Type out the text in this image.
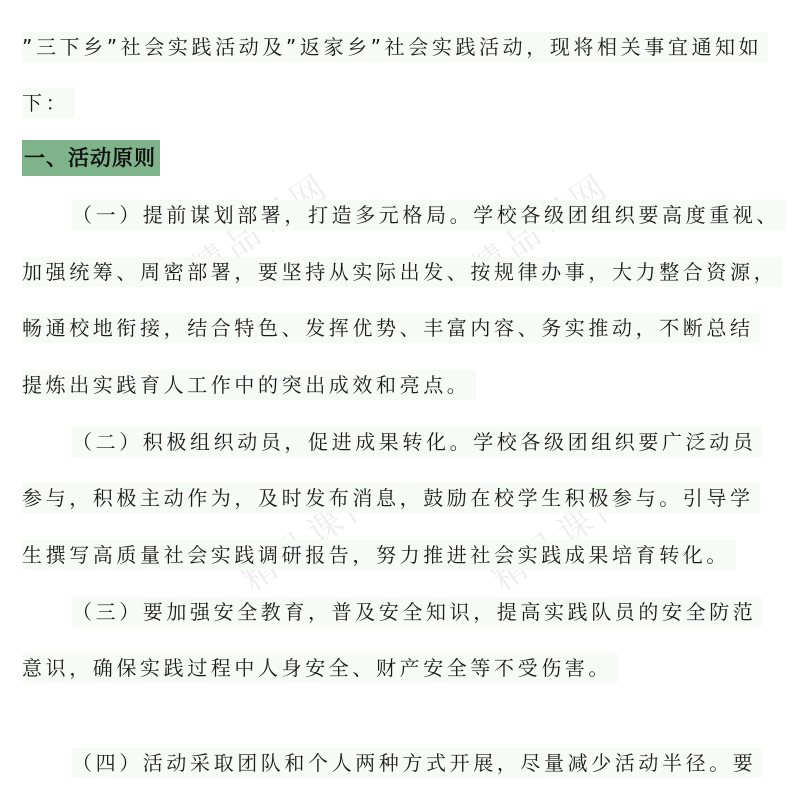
精品课网	精品课网
”三下乡”社会实践活动及”返家乡”社会实践活动，现将相关事宜通知如
下：
一、活动原则
（一）提前谋划部署，打造多元格局。学校各级团组织要高度重视、
加强统筹、周密部署，要坚持从实际出发、按规律办事，大力整合资源，
畅通校地衔接，结合特色、发挥优势、丰富内容、务实推动，不断总结
提炼出实践育人工作中的突出成效和亮点。
（二）积极组织动员，促进成果转化。学校各级团组织要广泛动员
参与，积极主动作为，及时发布消息，鼓励在校学生积极参与。引导学
生撰写高质量社会实践调研报告，努力推进社会实践成果培育转化。
（三）要加强安全教育，普及安全知识，提高实践队员的安全防范
意识，确保实践过程中人身安全、财产安全等不受伤害。
（四）活动采取团队和个人两种方式开展，尽量减少活动半径。要
